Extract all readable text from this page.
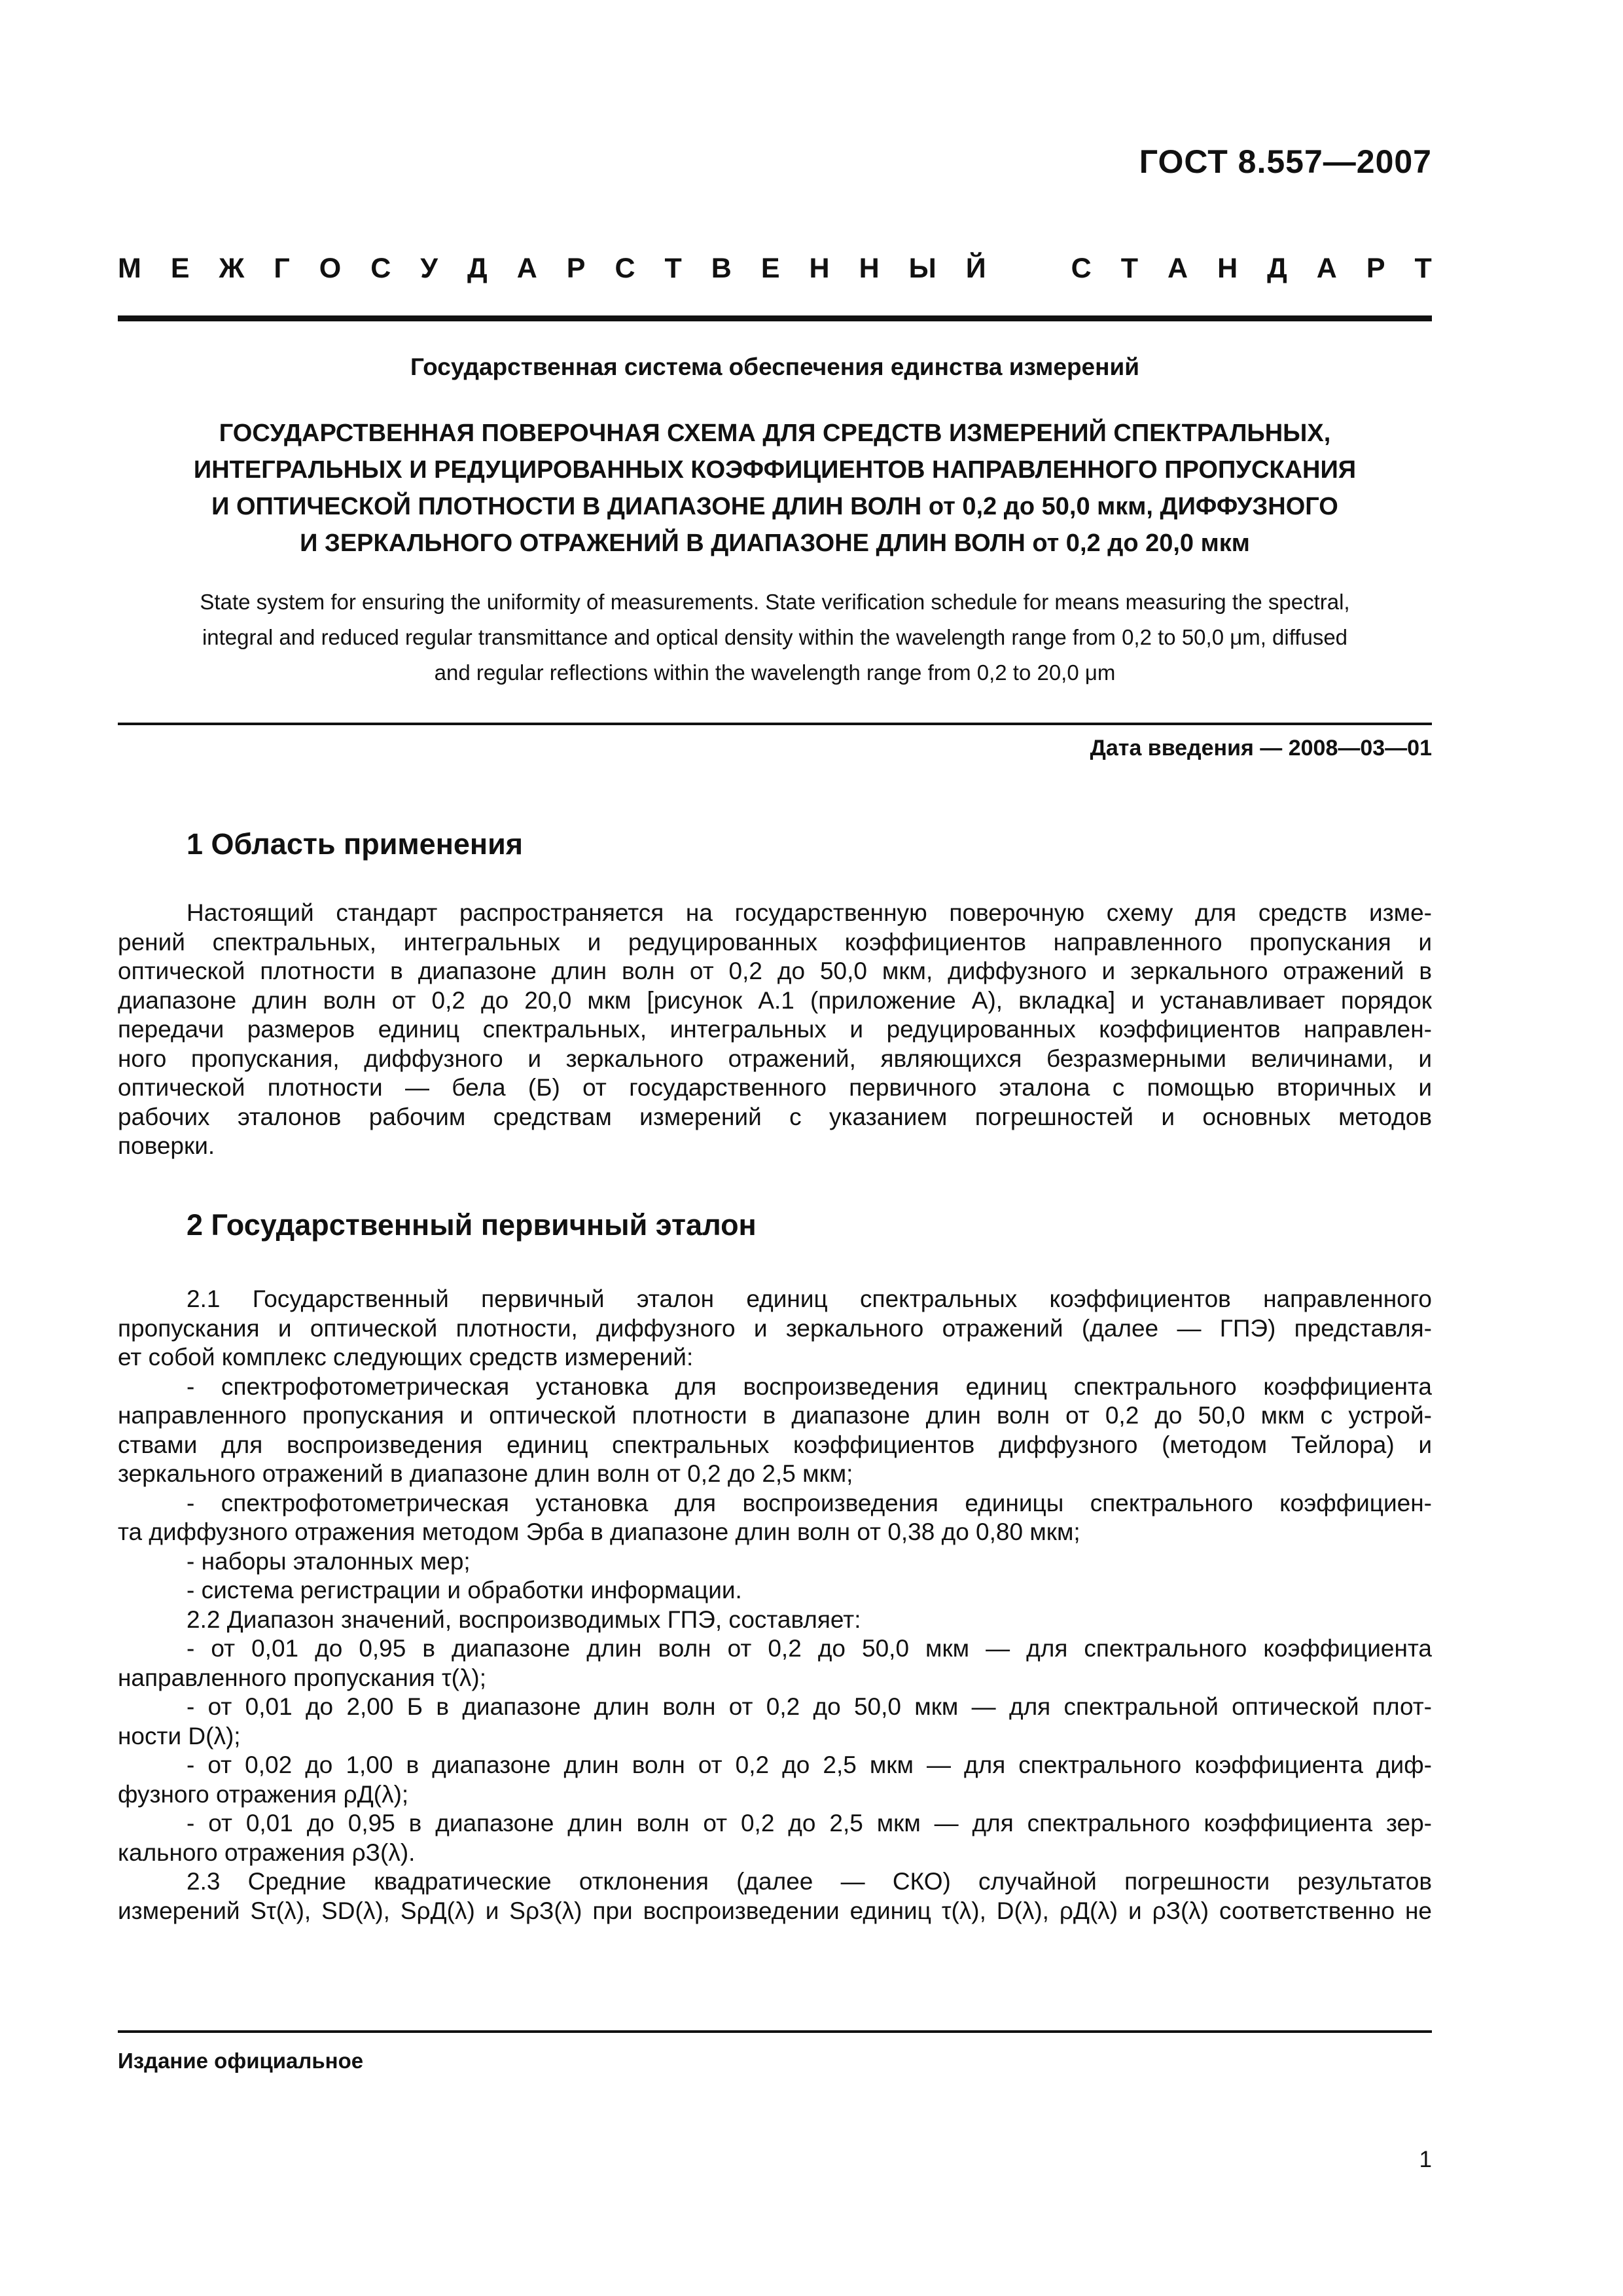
ГОСТ 8.557—2007
М Е Ж Г О С У Д А Р С Т В Е Н Н Ы Й	С Т А Н Д А Р Т
Государственная система обеспечения единства измерений
ГОСУДАРСТВЕННАЯ ПОВЕРОЧНАЯ СХЕМА ДЛЯ СРЕДСТВ ИЗМЕРЕНИЙ СПЕКТРАЛЬНЫХ,
ИНТЕГРАЛЬНЫХ И РЕДУЦИРОВАННЫХ КОЭФФИЦИЕНТОВ НАПРАВЛЕННОГО ПРОПУСКАНИЯ
И ОПТИЧЕСКОЙ ПЛОТНОСТИ В ДИАПАЗОНЕ ДЛИН ВОЛН от 0,2 до 50,0 мкм, ДИФФУЗНОГО
И ЗЕРКАЛЬНОГО ОТРАЖЕНИЙ В ДИАПАЗОНЕ ДЛИН ВОЛН от 0,2 до 20,0 мкм
State system for ensuring the uniformity of measurements. State verification schedule for means measuring the spectral,
integral and reduced regular transmittance and optical density within the wavelength range from 0,2 to 50,0 μm, diffused
and regular reflections within the wavelength range from 0,2 to 20,0 μm
Дата введения — 2008—03—01
1 Область применения
Настоящий стандарт распространяется на государственную поверочную схему для средств изме-
рений спектральных, интегральных и редуцированных коэффициентов направленного пропускания и
оптической плотности в диапазоне длин волн от 0,2 до 50,0 мкм, диффузного и зеркального отражений в
диапазоне длин волн от 0,2 до 20,0 мкм [рисунок А.1 (приложение А), вкладка] и устанавливает порядок
передачи размеров единиц спектральных, интегральных и редуцированных коэффициентов направлен-
ного пропускания, диффузного и зеркального отражений, являющихся безразмерными величинами, и
оптической плотности — бела (Б) от государственного первичного эталона с помощью вторичных и
рабочих эталонов рабочим средствам измерений с указанием погрешностей и основных методов
поверки.
2 Государственный первичный эталон
2.1 Государственный первичный эталон единиц спектральных коэффициентов направленного
пропускания и оптической плотности, диффузного и зеркального отражений (далее — ГПЭ) представля-
ет собой комплекс следующих средств измерений:
- спектрофотометрическая установка для воспроизведения единиц спектрального коэффициента
направленного пропускания и оптической плотности в диапазоне длин волн от 0,2 до 50,0 мкм с устрой-
ствами для воспроизведения единиц спектральных коэффициентов диффузного (методом Тейлора) и
зеркального отражений в диапазоне длин волн от 0,2 до 2,5 мкм;
- спектрофотометрическая установка для воспроизведения единицы спектрального коэффициен-
та диффузного отражения методом Эрба в диапазоне длин волн от 0,38 до 0,80 мкм;
- наборы эталонных мер;
- система регистрации и обработки информации.
2.2 Диапазон значений, воспроизводимых ГПЭ, составляет:
- от 0,01 до 0,95 в диапазоне длин волн от 0,2 до 50,0 мкм — для спектрального коэффициента
направленного пропускания τ(λ);
- от 0,01 до 2,00 Б в диапазоне длин волн от 0,2 до 50,0 мкм — для спектральной оптической плот-
ности D(λ);
- от 0,02 до 1,00 в диапазоне длин волн от 0,2 до 2,5 мкм — для спектрального коэффициента диф-
фузного отражения ρД(λ);
- от 0,01 до 0,95 в диапазоне длин волн от 0,2 до 2,5 мкм — для спектрального коэффициента зер-
кального отражения ρЗ(λ).
2.3 Средние квадратические отклонения (далее — СКО) случайной погрешности результатов
измерений Sτ(λ), SD(λ), SρД(λ) и SρЗ(λ) при воспроизведении единиц τ(λ), D(λ), ρД(λ) и ρЗ(λ) соответственно не
Издание официальное
1
